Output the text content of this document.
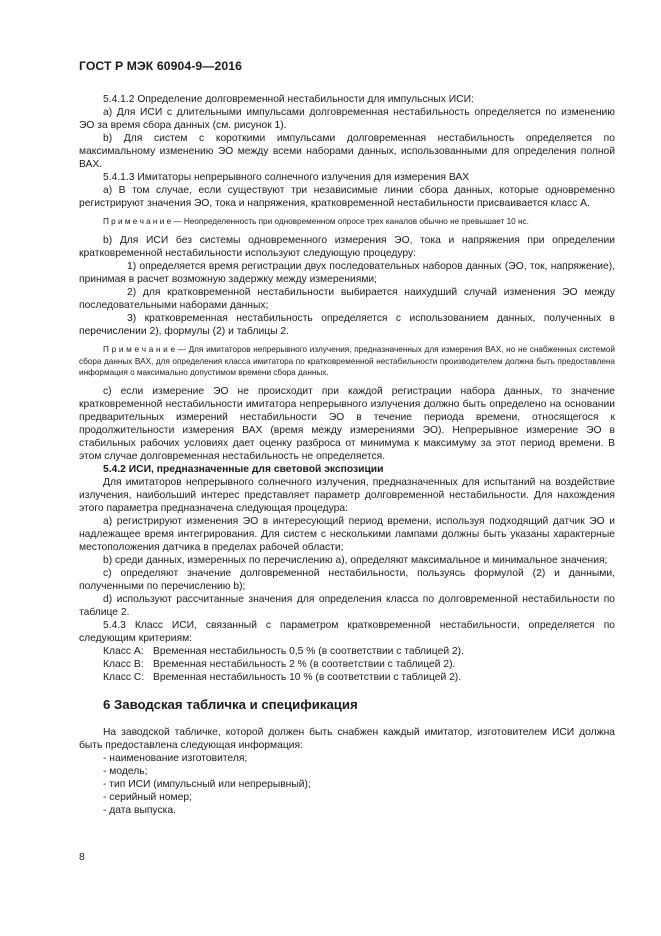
ГОСТ Р МЭК 60904-9—2016

5.4.1.2 Определение долговременной нестабильности для импульсных ИСИ:

a) Для ИСИ с длительными импульсами долговременная нестабильность определяется по изменению ЭО за время сбора данных (см. рисунок 1).

b) Для систем с короткими импульсами долговременная нестабильность определяется по максимальному изменению ЭО между всеми наборами данных, использованными для определения полной ВАХ.

5.4.1.3 Имитаторы непрерывного солнечного излучения для измерения ВАХ

a) В том случае, если существуют три независимые линии сбора данных, которые одновременно регистрируют значения ЭО, тока и напряжения, кратковременной нестабильности присваивается класс A.

П р и м е ч а н и е — Неопределенность при одновременном опросе трех каналов обычно не превышает 10 нс.

b) Для ИСИ без системы одновременного измерения ЭО, тока и напряжения при определении кратковременной нестабильности используют следующую процедуру:

1) определяется время регистрации двух последовательных наборов данных (ЭО, ток, напряжение), принимая в расчет возможную задержку между измерениями;

2) для кратковременной нестабильности выбирается наихудший случай изменения ЭО между последовательными наборами данных;

3) кратковременная нестабильность определяется с использованием данных, полученных в перечислении 2), формулы (2) и таблицы 2.

П р и м е ч а н и е — Для имитаторов непрерывного излучения, предназначенных для измерения ВАХ, но не снабженных системой сбора данных ВАХ, для определения класса имитатора по кратковременной нестабильности производителем должна быть предоставлена информация о максимально допустимом времени сбора данных.

c) если измерение ЭО не происходит при каждой регистрации набора данных, то значение кратковременной нестабильности имитатора непрерывного излучения должно быть определено на основании предварительных измерений нестабильности ЭО в течение периода времени, относящегося к продолжительности измерения ВАХ (время между измерениями ЭО). Непрерывное измерение ЭО в стабильных рабочих условиях дает оценку разброса от минимума к максимуму за этот период времени. В этом случае долговременная нестабильность не определяется.

5.4.2 ИСИ, предназначенные для световой экспозиции

Для имитаторов непрерывного солнечного излучения, предназначенных для испытаний на воздействие излучения, наибольший интерес представляет параметр долговременной нестабильности. Для нахождения этого параметра предназначена следующая процедура:

a) регистрируют изменения ЭО в интересующий период времени, используя подходящий датчик ЭО и надлежащее время интегрирования. Для систем с несколькими лампами должны быть указаны характерные местоположения датчика в пределах рабочей области;

b) среди данных, измеренных по перечислению a), определяют максимальное и минимальное значения;

c) определяют значение долговременной нестабильности, пользуясь формулой (2) и данными, полученными по перечислению b);

d) используют рассчитанные значения для определения класса по долговременной нестабильности по таблице 2.

5.4.3 Класс ИСИ, связанный с параметром кратковременной нестабильности, определяется по следующим критериям:

Класс A: Временная нестабильность 0,5 % (в соответствии с таблицей 2).

Класс B: Временная нестабильность 2 % (в соответствии с таблицей 2).

Класс C: Временная нестабильность 10 % (в соответствии с таблицей 2).

6 Заводская табличка и спецификация

На заводской табличке, которой должен быть снабжен каждый имитатор, изготовителем ИСИ должна быть предоставлена следующая информация:

- наименование изготовителя;

- модель;

- тип ИСИ (импульсный или непрерывный);

- серийный номер;

- дата выпуска.

8
